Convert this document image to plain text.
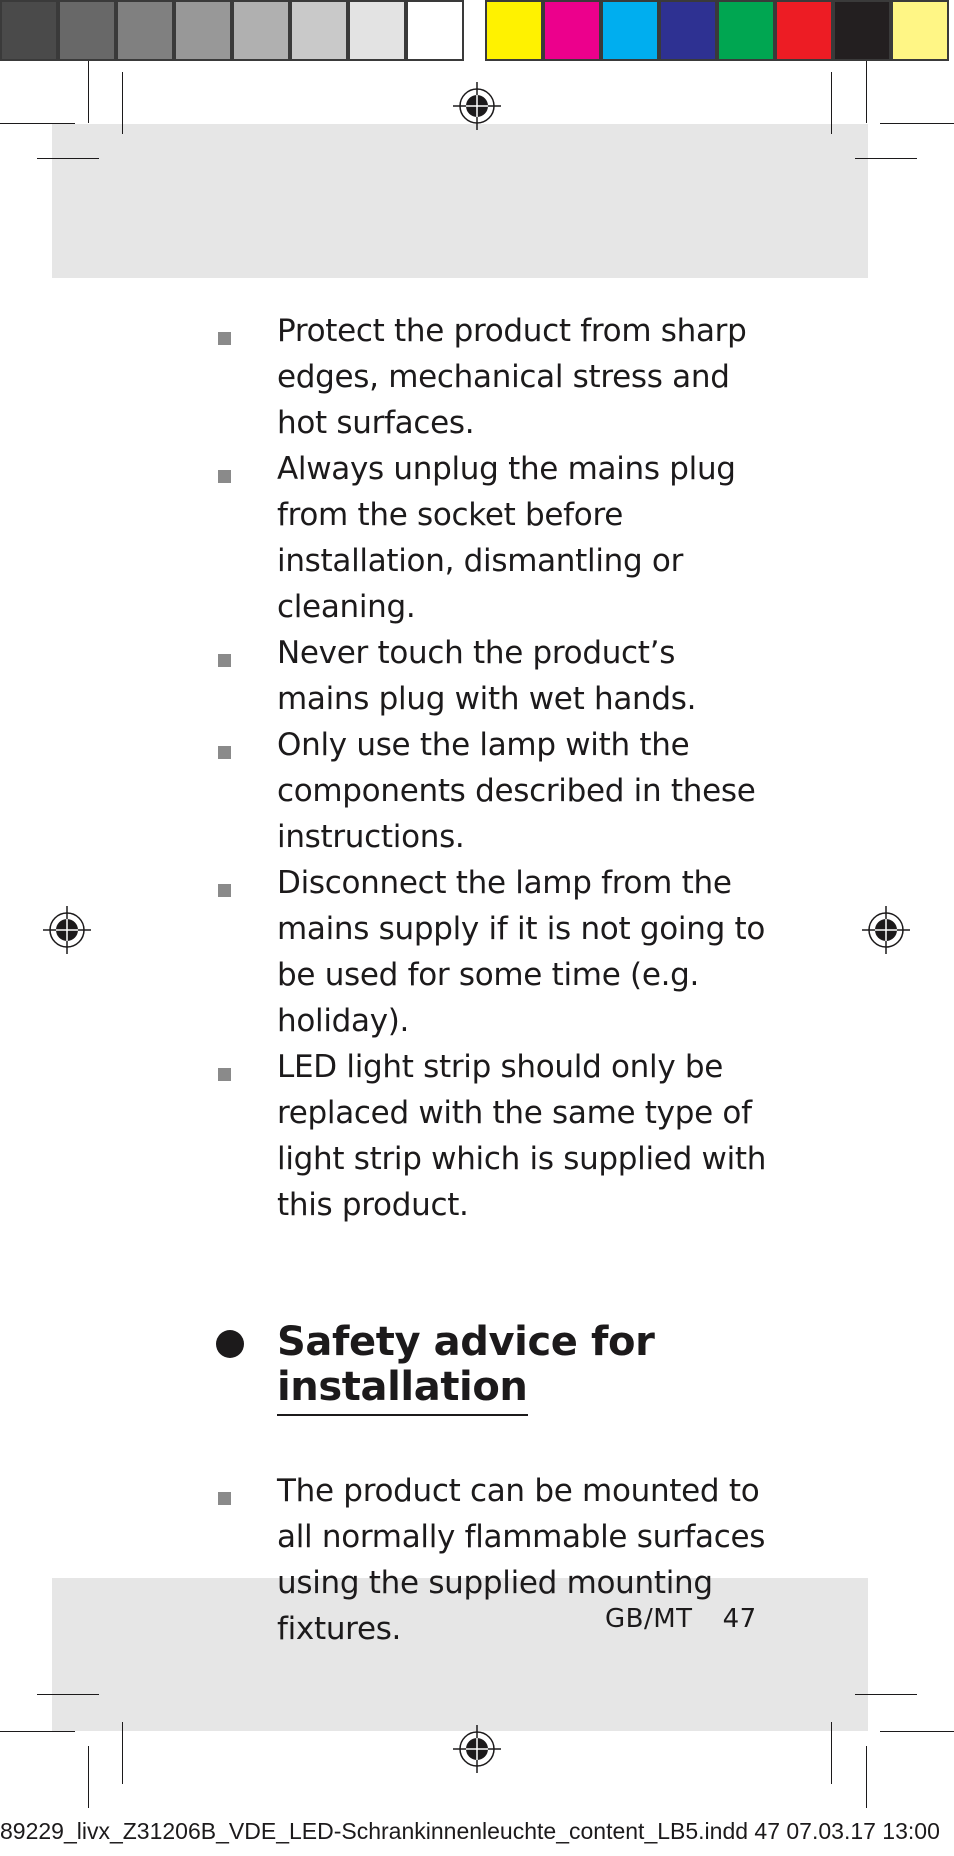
Protect the product from sharp edges, mechanical stress and hot surfaces.
Always unplug the mains plug from the socket before installation, dismantling or cleaning.
Never touch the product’s mains plug with wet hands.
Only use the lamp with the components described in these instructions.
Disconnect the lamp from the mains supply if it is not going to be used for some time (e.g. holiday).
LED light strip should only be replaced with the same type of light strip which is supplied with this product.
Safety advice for
installation
The product can be mounted to all normally flammable surfaces using the supplied mounting fixtures.	GB/MT 47
89229_livx_Z31206B_VDE_LED-Schrankinnenleuchte_content_LB5.indd 47 07.03.17 13:00
